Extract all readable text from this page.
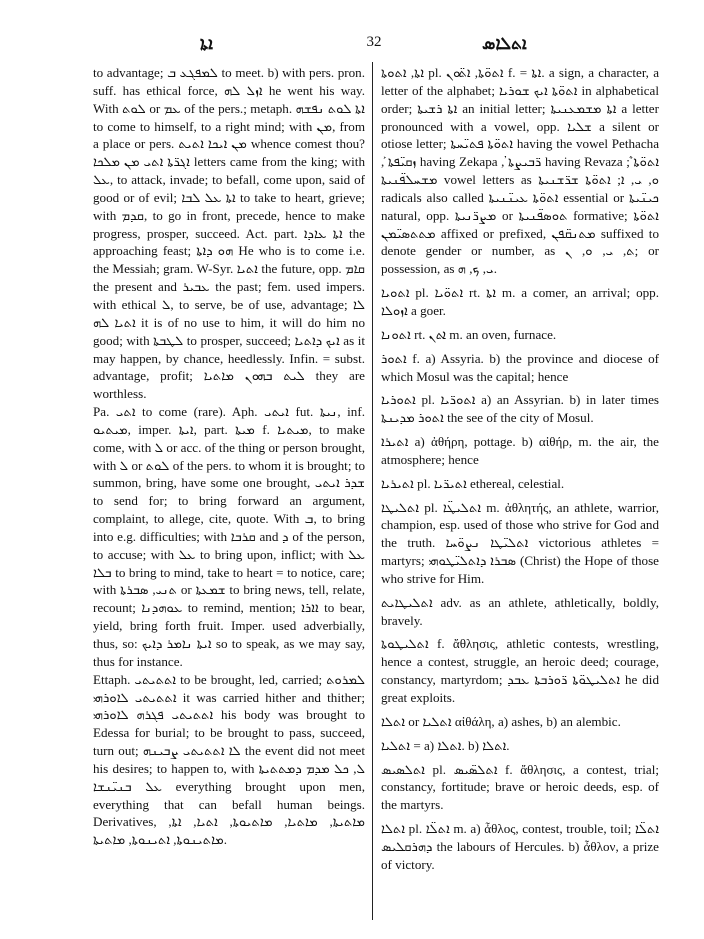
ܐܬܐ	32	ܐܬܠܐܣ

to advantage; ܠܡܦܓܥ ܒ to meet. b) with pers. pron. suff. has ethical force, ܐܙܠ ܠܗ he went his way. With ܠܘܬ or ܥܡ of the pers.; metaph. ܐܬܐ ܠܘܬ ܢܦܫܗ to come to himself, to a right mind; with ܡܢ, from a place or pers. ܡܢ ܐܝܟܐ ܐܬܝܬ whence comest thou? ܐܓܪ̈ܬܐ ܐܬܝ ܡܢ ܡܠܟܐ letters came from the king; with ܥܠ, to attack, invade; to befall, come upon, said of good or of evil; ܐܬܐ ܥܠ ܠܒܐ to take to heart, grieve; with ܩܕܡ, to go in front, precede, hence to make progress, prosper, succeed. Act. part. ܐܬܐ ܥܐܕܐ the approaching feast; ܗܘ ܕܐܬܐ He who is to come i.e. the Messiah; gram. W-Syr. ܐܬܝܐ the future, opp. ܩܐܡ the present and ܥܒܝܪ the past; fem. used impers. with ethical ܠ, to serve, be of use, advantage; ܠܐ ܐܬܝܐ ܠܗ it is of no use to him, it will do him no good; with ܠܛܒܬܐ to prosper, succeed; ܐܝܟ ܕܐܬܝܐ as it may happen, by chance, heedlessly. Infin. = subst. advantage, profit; ܠܝܬ ܒܗܘܢ ܡܐܬܝܐ they are worthless.

Pa. ܐܬܝ to come (rare). Aph. ܐܝܬܝ fut. ܢܝܬܐ, inf. ܡܝܬܝܘ, imper. ܐܝܬܐ, part. ܡܝܬܐ f. ܡܝܬܝܐ, to make come, with ܠ or acc. of the thing or person brought, with ܠ or ܠܘܬ of the pers. to whom it is brought; to summon, bring, have some one brought, ܫܕܪ ܐܝܬܝ to send for; to bring forward an argument, complaint, to allege, cite, quote. With ܒ, to bring into e.g. difficulties; with ܩܪܒܐ and ܕ of the person, to accuse; with ܥܠ to bring upon, inflict; with ܥܠ ܒܠܐ to bring to mind, take to heart = to notice, care; with ܬܢܝ, ܣܒܪܬܐ or ܫܡܥܬܐ to bring news, tell, relate, recount; ܥܘܗܕܢܐ to remind, mention; ܐܐܪܐ to bear, yield, bring forth fruit. Imper. used adverbially, thus, so: ܐܝܬܐ ܢܐܡܪ ܕܐܝܟ so to speak, as we may say, thus for instance.

Ettaph. ܐܬܬܝܬܝ to be brought, led, carried; ܠܡܪܘܬ ܐܬܬܝܬܝ ܠܐܘܪܗܝ it was carried hither and thither; ܐܬܬܝܬܝ ܦܓܪܗ ܠܐܘܪܗܝ his body was brought to Edessa for burial; to be brought to pass, succeed, turn out; ܠܐ ܐܬܬܝܬܝ ܨܒܝܢܗ the event did not meet his desires; to happen to, with ܠ, ܟܠ ܡܕܡ ܕܡܬܬܝܬܐ ܥܠ ܒܢܝ̈ܢܫܐ everything brought upon men, everything that can befall human beings. Derivatives, ܡܐܬܝܬܐ, ܡܐܬܝܐ, ܡܐܬܝܘܬܐ, ܐܬܝܐ, ܐܬܐ, ܡܐܬܝܢܘܬܐ, ܐܬܝܢܘܬܐ, ܡܐܬܝܬܐ.

ܐܬܐ, ܐܬܘܬܐ pl. ܐܬܘ̈ܬܐ, ܐܬ̈ܘܢ f. = ܐܬܐ. a sign, a character, a letter of the alphabet; ܐܬܘ̈ܬܐ ܐܝܟ ܫܘܪܝܐ in alphabetical order; ܐܬܐ ܪܫܝܬܐ an initial letter; ܐܬܐ ܡܫܡܥܢܝܬܐ a letter pronounced with a vowel, opp. ܫܠܝܐ a silent or otiose letter; ܐܬܘ̈ܬܐ ܦܬܝ̈ܚܬܐ having the vowel Pethacha ܰ, ܙܩܝ̈ܦܬܐ having Zekapa ܳ, ܪ̈ܒܝܨܬܐ having Revaza ܶ; ܐܬܘ̈ܬܐ ܡܫܚܠܦ̈ܢܝܬܐ vowel letters as ܘ, ܝ, ܐ; ܐܬܘ̈ܬܐ ܫܪ̈ܫܢܝܬܐ radicals also called ܐܬܘ̈ܬܐ ܥܝܢ̈ܢܝܬܐ essential or ܟܝܢ̈ܝܬܐ natural, opp. ܡܨܪ̈ܢܝܬܐ or ܬܘܣܦ̈ܢܝܬܐ formative; ܐܬܘ̈ܬܐ ܡܬܬܣܝ̈ܡܢ affixed or prefixed, ܡܬܢܩ̈ܦܢ suffixed to denote gender or number, as ܬ, ܝ, ܘ, ܢ; or possession, as ܝ, ܟ, ܗ.

ܐܬܘܝܐ pl. ܐܬܘ̈ܝܐ rt. ܐܬܐ m. a comer, an arrival; opp. ܐܙܘܠܐ a goer.

ܐܬܘܢܐ rt. ܐܬܢ m. an oven, furnace.

ܐܬܘܪ f. a) Assyria. b) the province and diocese of which Mosul was the capital; hence

ܐܬܘܪܝܐ pl. ܐܬܘܪ̈ܝܐ a) an Assyrian. b) in later times ܐܬܘܪ ܡܕܝܢܬܐ the see of the city of Mosul.

ܐܬܝܪܐ a) ἀθήρη, pottage. b) αἰθήρ, m. the air, the atmosphere; hence

ܐܬܝܪܝܐ pl. ܐܬܝܪ̈ܝܐ ethereal, celestial.

ܐܬܠܝܛܐ pl. ܐܬܠܝܛ̈ܐ m. ἀθλητής, an athlete, warrior, champion, esp. used of those who strive for God and the truth. ܐܬܠܝ̈ܛܐ ܢܨܘ̈ܚܐ victorious athletes = martyrs; ܣܒܪܐ ܕܐܬܠܝ̈ܛܘܗܝ (Christ) the Hope of those who strive for Him.

ܐܬܠܝܛܐܝܬ adv. as an athlete, athletically, boldly, bravely.

ܐܬܠܝܛܘܬܐ f. ἄθλησις, athletic contests, wrestling, hence a contest, struggle, an heroic deed; courage, constancy, martyrdom; ܐܬܠܝܛܘ̈ܬܐ ܪ̈ܘܪܒܬܐ ܥܒܕ he did great exploits.

ܐܬܠܐ or ܐܬܠܝܐ αἰθάλη, a) ashes, b) an alembic.

ܐܬܠܝܐ = a) ܐܬܠܐ. b) ܐܬܠܐ.

ܐܬܠܣܝܣ pl. ܐܬܠܣ̈ܝܣ f. ἄθλησις, a contest, trial; constancy, fortitude; brave or heroic deeds, esp. of the martyrs.

ܐܬܠܐ pl. ܐܬܠ̈ܐ m. a) ἆθλος, contest, trouble, toil; ܐܬܠ̈ܐ ܕܗܪܩܠܝܣ the labours of Hercules. b) ἆθλον, a prize of victory.
